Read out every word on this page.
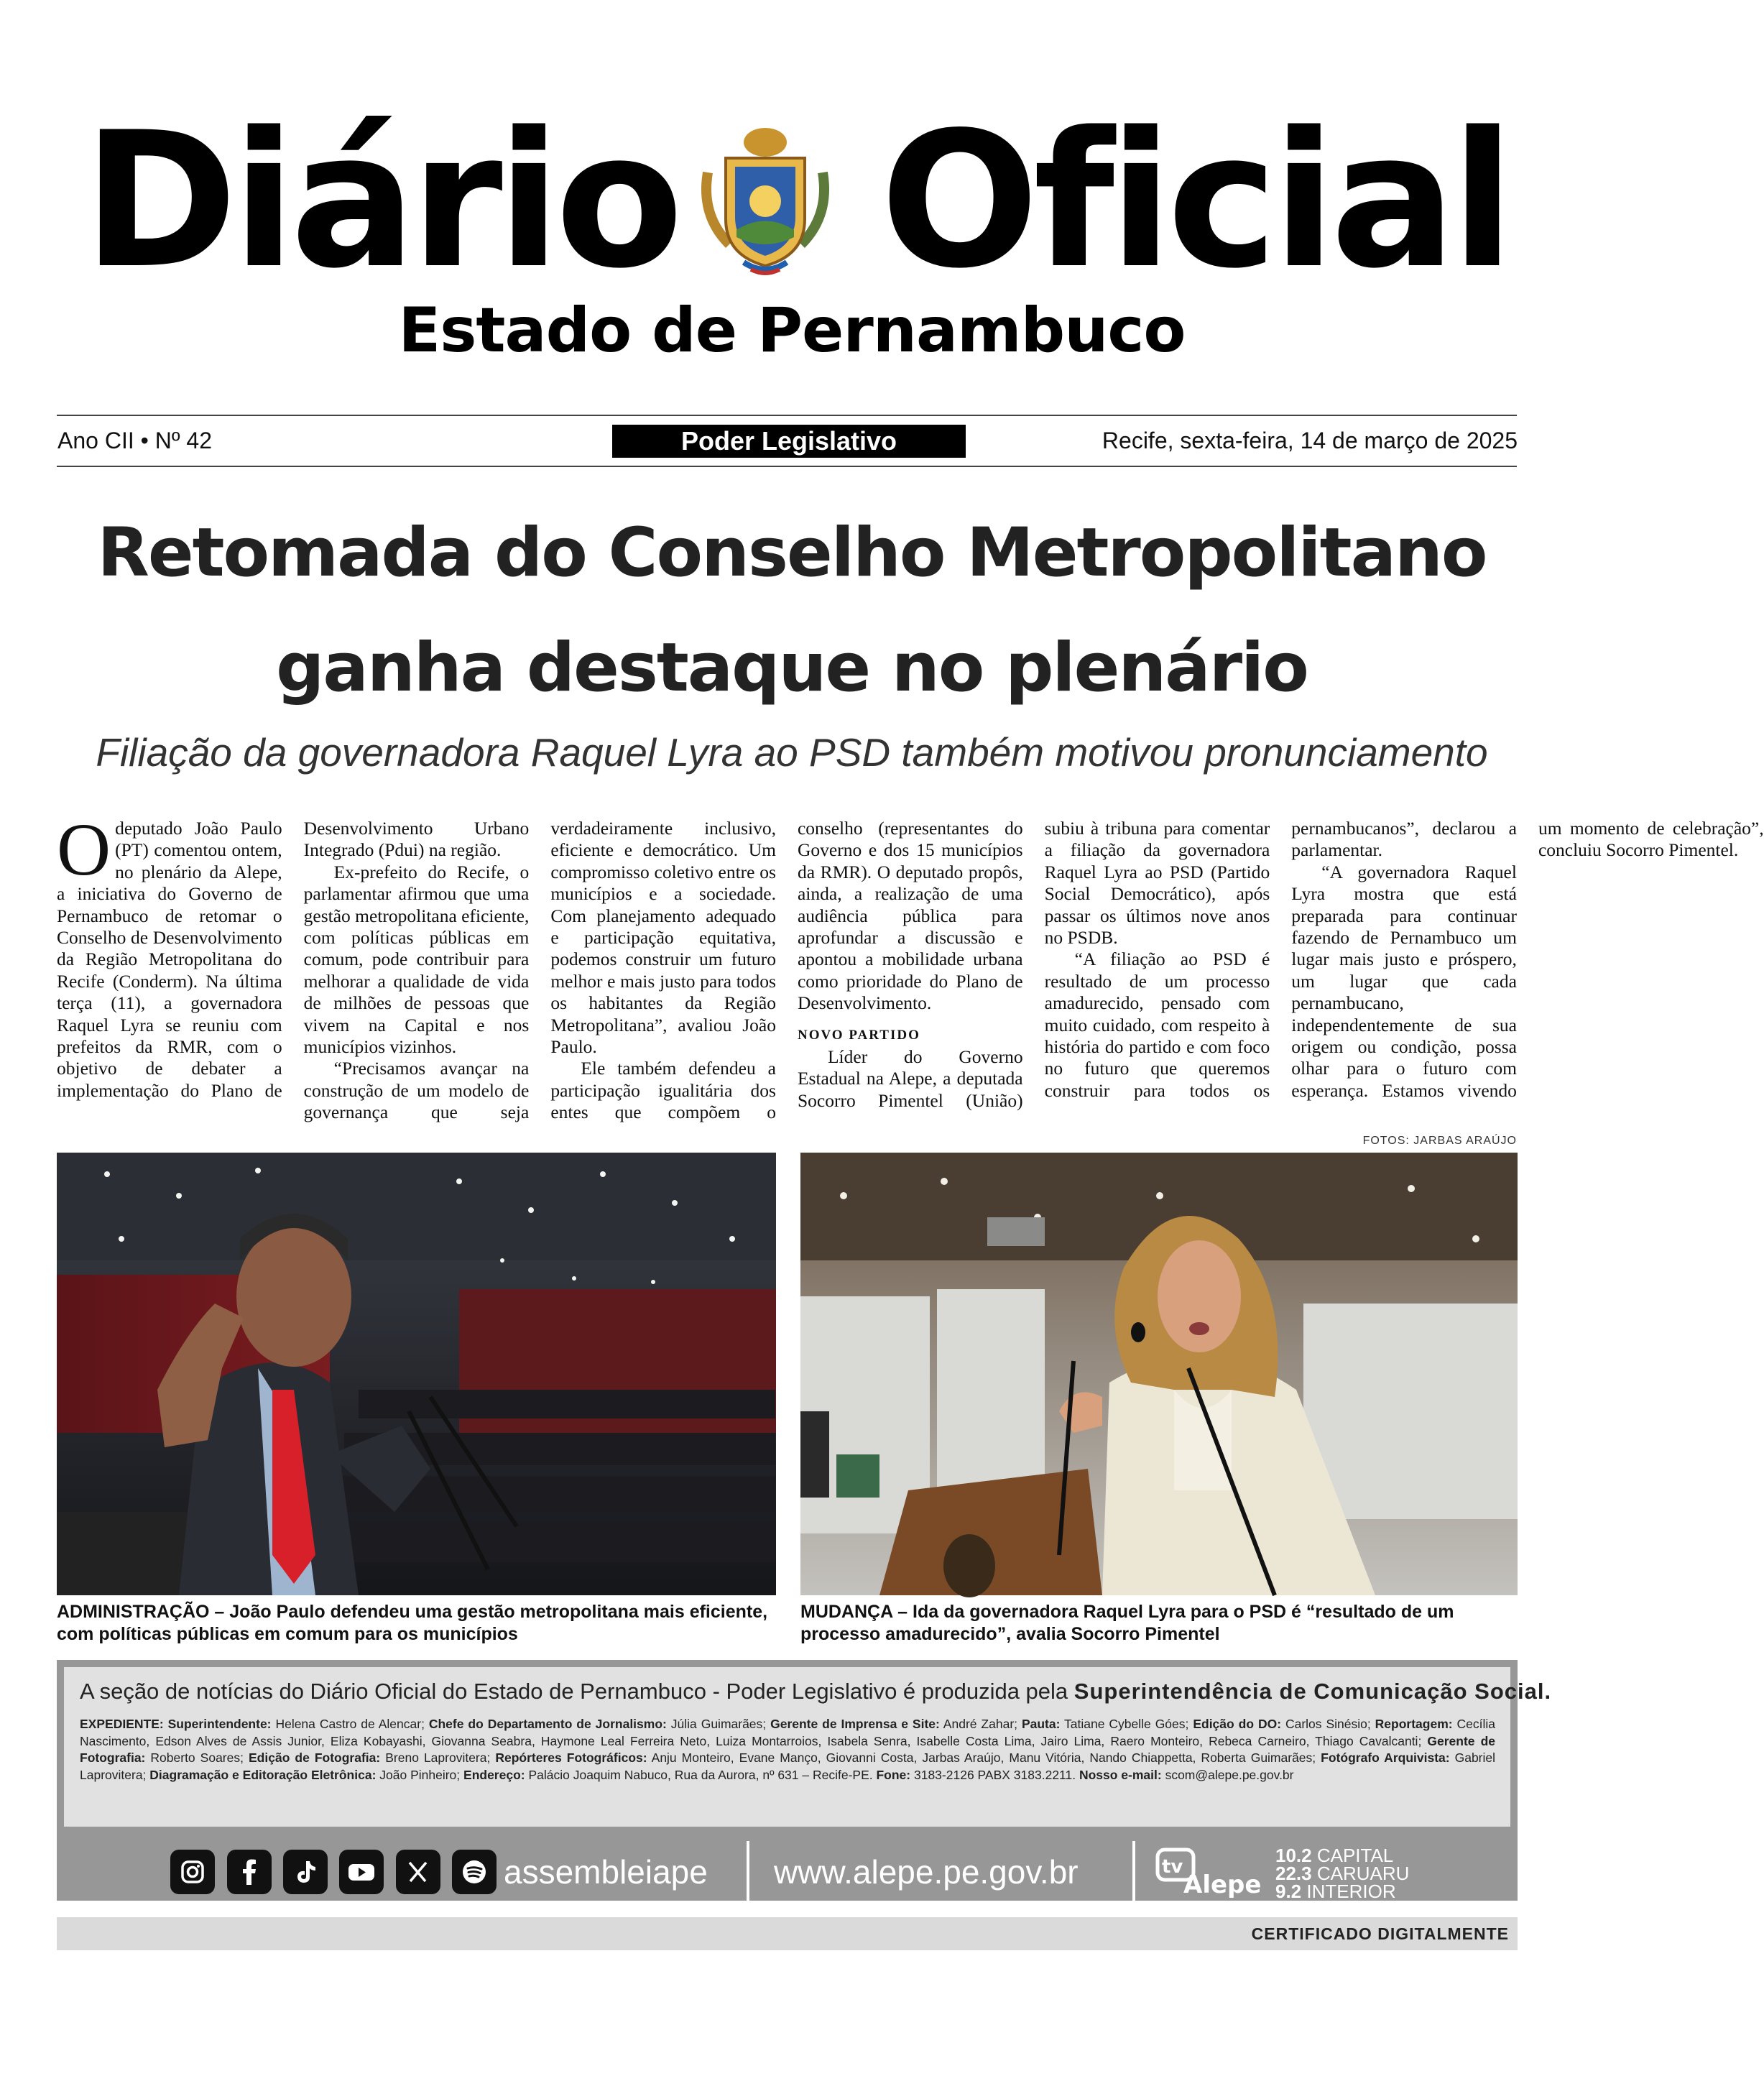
Diário Oficial
Estado de Pernambuco
Ano CII • Nº 42	Poder Legislativo	Recife, sexta-feira, 14 de março de 2025
Retomada do Conselho Metropolitano
ganha destaque no plenário
Filiação da governadora Raquel Lyra ao PSD também motivou pronunciamento

Odeputado João Paulo (PT) comentou ontem, no plenário da Alepe, a iniciativa do Governo de Pernambuco de retomar o Conselho de Desenvolvimento da Região Metropolitana do Recife (Conderm). Na última terça (11), a governadora Raquel Lyra se reuniu com prefeitos da RMR, com o objetivo de debater a implementação do Plano de Desenvolvimento Urbano Integrado (Pdui) na região.

Ex-prefeito do Recife, o parlamentar afirmou que uma gestão metropolitana eficiente, com políticas públicas em comum, pode contribuir para melhorar a qualidade de vida de milhões de pessoas que vivem na Capital e nos municípios vizinhos.

“Precisamos avançar na construção de um modelo de governança que seja verdadeiramente inclusivo, eficiente e democrático. Um compromisso coletivo entre os municípios e a sociedade. Com planejamento adequado e participação equitativa, podemos construir um futuro melhor e mais justo para todos os habitantes da Região Metropolitana”, avaliou João Paulo.

Ele também defendeu a participação igualitária dos entes que compõem o conselho (representantes do Governo e dos 15 municípios da RMR). O deputado propôs, ainda, a realização de uma audiência pública para aprofundar a discussão e apontou a mobilidade urbana como prioridade do Plano de Desenvolvimento.

NOVO PARTIDO

Líder do Governo Estadual na Alepe, a deputada Socorro Pimentel (União) subiu à tribuna para comentar a filiação da governadora Raquel Lyra ao PSD (Partido Social Democrático), após passar os últimos nove anos no PSDB.

“A filiação ao PSD é resultado de um processo amadurecido, pensado com muito cuidado, com respeito à história do partido e com foco no futuro que queremos construir para todos os pernambucanos”, declarou a parlamentar.

“A governadora Raquel Lyra mostra que está preparada para continuar fazendo de Pernambuco um lugar mais justo e próspero, um lugar que cada pernambucano, independentemente de sua origem ou condição, possa olhar para o futuro com esperança. Estamos vivendo um momento de celebração”, concluiu Socorro Pimentel.

FOTOS: JARBAS ARAÚJO
ADMINISTRAÇÃO – João Paulo defendeu uma gestão metropolitana mais eficiente, com políticas públicas em comum para os municípios
MUDANÇA – Ida da governadora Raquel Lyra para o PSD é “resultado de um processo amadurecido”, avalia Socorro Pimentel
A seção de notícias do Diário Oficial do Estado de Pernambuco - Poder Legislativo é produzida pela Superintendência de Comunicação Social.
EXPEDIENTE: Superintendente: Helena Castro de Alencar; Chefe do Departamento de Jornalismo: Júlia Guimarães; Gerente de Imprensa e Site: André Zahar; Pauta: Tatiane Cybelle Góes; Edição do DO: Carlos Sinésio; Reportagem: Cecília Nascimento, Edson Alves de Assis Junior, Eliza Kobayashi, Giovanna Seabra, Haymone Leal Ferreira Neto, Luiza Montarroios, Isabela Senra, Isabelle Costa Lima, Jairo Lima, Raero Monteiro, Rebeca Carneiro, Thiago Cavalcanti; Gerente de Fotografia: Roberto Soares; Edição de Fotografia: Breno Laprovitera; Repórteres Fotográficos: Anju Monteiro, Evane Manço, Giovanni Costa, Jarbas Araújo, Manu Vitória, Nando Chiappetta, Roberta Guimarães; Fotógrafo Arquivista: Gabriel Laprovitera; Diagramação e Editoração Eletrônica: João Pinheiro; Endereço: Palácio Joaquim Nabuco, Rua da Aurora, nº 631 – Recife-PE. Fone: 3183-2126 PABX 3183.2211. Nosso e-mail: scom@alepe.pe.gov.br
assembleiape www.alepe.pe.gov.br	tv
Alepe
10.2 CAPITAL
22.3 CARUARU
9.2 INTERIOR
CERTIFICADO DIGITALMENTE
